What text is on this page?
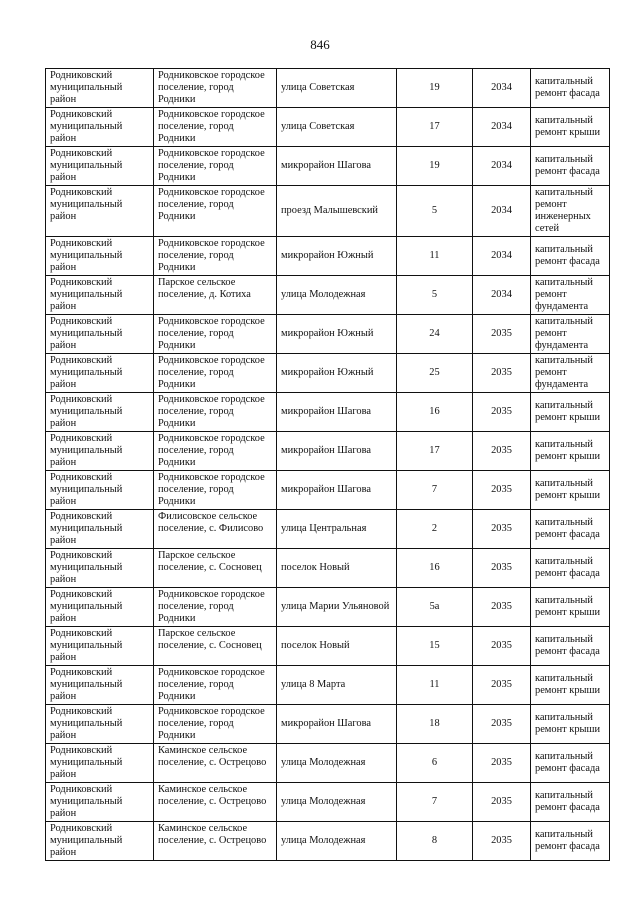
846
Родниковский муниципальный район	Родниковское городское поселение, город Родники	улица Советская	19	2034	капитальный ремонт фасада
Родниковский муниципальный район	Родниковское городское поселение, город Родники	улица Советская	17	2034	капитальный ремонт крыши
Родниковский муниципальный район	Родниковское городское поселение, город Родники	микрорайон Шагова	19	2034	капитальный ремонт фасада
Родниковский муниципальный район	Родниковское городское поселение, город Родники	проезд Малышевский	5	2034	капитальный ремонт инженерных сетей
Родниковский муниципальный район	Родниковское городское поселение, город Родники	микрорайон Южный	11	2034	капитальный ремонт фасада
Родниковский муниципальный район	Парское сельское поселение, д. Котиха	улица Молодежная	5	2034	капитальный ремонт фундамента
Родниковский муниципальный район	Родниковское городское поселение, город Родники	микрорайон Южный	24	2035	капитальный ремонт фундамента
Родниковский муниципальный район	Родниковское городское поселение, город Родники	микрорайон Южный	25	2035	капитальный ремонт фундамента
Родниковский муниципальный район	Родниковское городское поселение, город Родники	микрорайон Шагова	16	2035	капитальный ремонт крыши
Родниковский муниципальный район	Родниковское городское поселение, город Родники	микрорайон Шагова	17	2035	капитальный ремонт крыши
Родниковский муниципальный район	Родниковское городское поселение, город Родники	микрорайон Шагова	7	2035	капитальный ремонт крыши
Родниковский муниципальный район	Филисовское сельское поселение, с. Филисово	улица Центральная	2	2035	капитальный ремонт фасада
Родниковский муниципальный район	Парское сельское поселение, с. Сосновец	поселок Новый	16	2035	капитальный ремонт фасада
Родниковский муниципальный район	Родниковское городское поселение, город Родники	улица Марии Ульяновой	5а	2035	капитальный ремонт крыши
Родниковский муниципальный район	Парское сельское поселение, с. Сосновец	поселок Новый	15	2035	капитальный ремонт фасада
Родниковский муниципальный район	Родниковское городское поселение, город Родники	улица 8 Марта	11	2035	капитальный ремонт крыши
Родниковский муниципальный район	Родниковское городское поселение, город Родники	микрорайон Шагова	18	2035	капитальный ремонт крыши
Родниковский муниципальный район	Каминское сельское поселение, с. Острецово	улица Молодежная	6	2035	капитальный ремонт фасада
Родниковский муниципальный район	Каминское сельское поселение, с. Острецово	улица Молодежная	7	2035	капитальный ремонт фасада
Родниковский муниципальный район	Каминское сельское поселение, с. Острецово	улица Молодежная	8	2035	капитальный ремонт фасада
